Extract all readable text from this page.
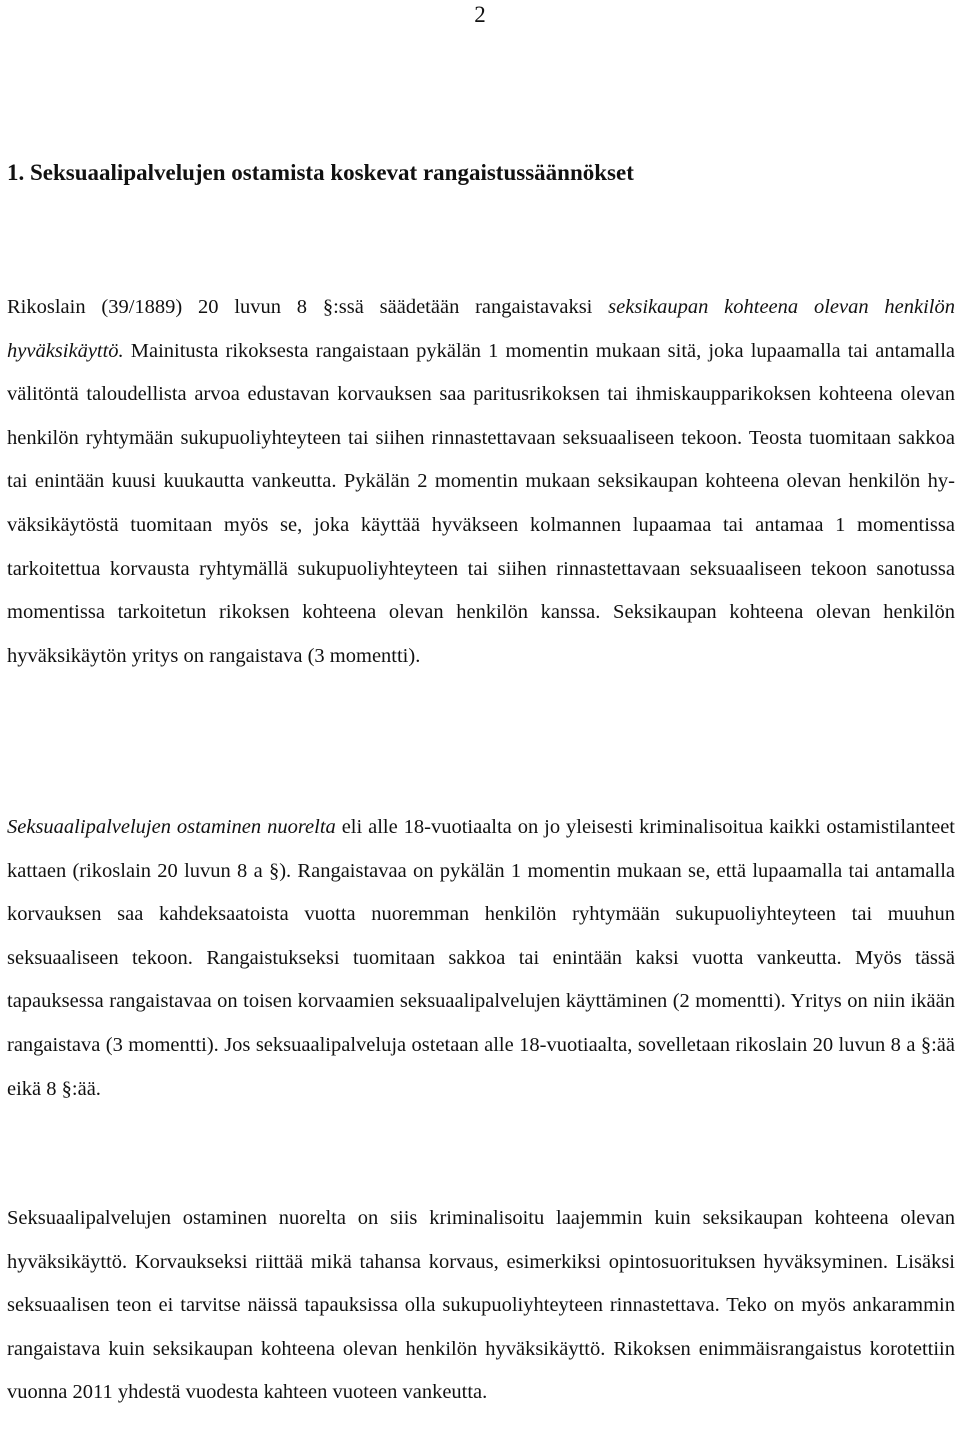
2

1. Seksuaalipalvelujen ostamista koskevat rangaistussäännökset

Rikoslain (39/1889) 20 luvun 8 §:ssä säädetään rangaistavaksi seksikaupan kohteena olevan henkilön hyväksikäyttö. Mainitusta rikoksesta rangaistaan pykälän 1 momentin mukaan sitä, joka lupaamalla tai antamalla välitöntä taloudellista arvoa edustavan korvauksen saa paritusrikoksen tai ihmiskaupparikoksen kohteena olevan henkilön ryhtymään sukupuoliyhteyteen tai siihen rinnastettavaan seksuaaliseen tekoon. Teosta tuomitaan sakkoa tai enintään kuusi kuukautta vankeutta. Pykälän 2 momentin mukaan seksikaupan kohteena olevan henkilön hyväksikäytöstä tuomitaan myös se, joka käyttää hyväkseen kolmannen lupaamaa tai antamaa 1 momentissa tarkoitettua korvausta ryhtymällä sukupuoliyhteyteen tai siihen rinnastettavaan seksuaaliseen tekoon sanotussa momentissa tarkoitetun rikoksen kohteena olevan henkilön kanssa. Seksikaupan kohteena olevan henkilön hyväksikäytön yritys on rangaistava (3 momentti).

Seksuaalipalvelujen ostaminen nuorelta eli alle 18-vuotiaalta on jo yleisesti kriminalisoitua kaikki ostamistilanteet kattaen (rikoslain 20 luvun 8 a §). Rangaistavaa on pykälän 1 momentin mukaan se, että lupaamalla tai antamalla korvauksen saa kahdeksaatoista vuotta nuoremman henkilön ryhtymään sukupuoliyhteyteen tai muuhun seksuaaliseen tekoon. Rangaistukseksi tuomitaan sakkoa tai enintään kaksi vuotta vankeutta. Myös tässä tapauksessa rangaistavaa on toisen korvaamien seksuaalipalvelujen käyttäminen (2 momentti). Yritys on niin ikään rangaistava (3 momentti). Jos seksuaalipalveluja ostetaan alle 18-vuotiaalta, sovelletaan rikoslain 20 luvun 8 a §:ää eikä 8 §:ää.

Seksuaalipalvelujen ostaminen nuorelta on siis kriminalisoitu laajemmin kuin seksikaupan kohteena olevan hyväksikäyttö. Korvaukseksi riittää mikä tahansa korvaus, esimerkiksi opintosuorituksen hyväksyminen. Lisäksi seksuaalisen teon ei tarvitse näissä tapauksissa olla sukupuoliyhteyteen rinnastettava. Teko on myös ankarammin rangaistava kuin seksikaupan kohteena olevan henkilön hyväksikäyttö. Rikoksen enimmäisrangaistus korotettiin vuonna 2011 yhdestä vuodesta kahteen vuoteen vankeutta.
